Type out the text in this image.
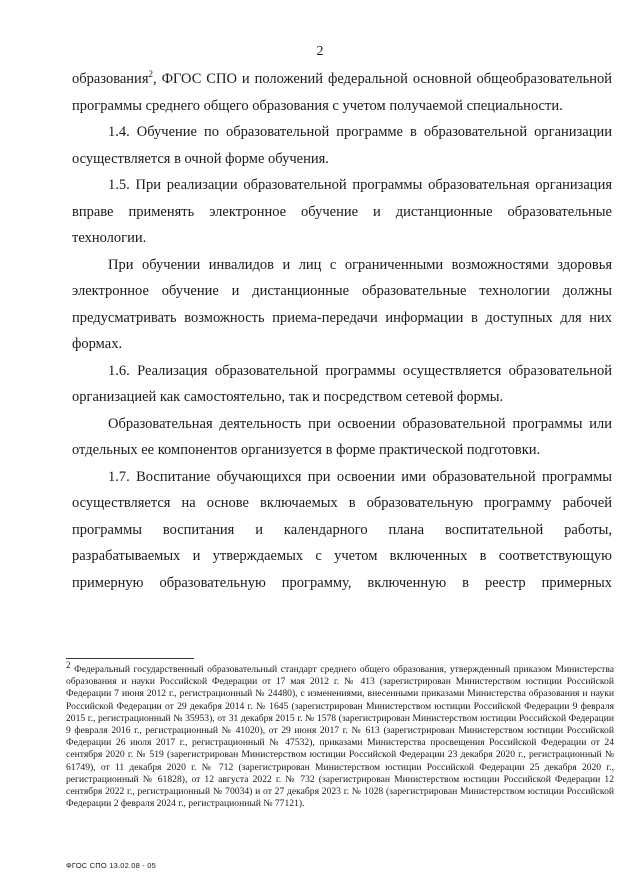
2

образования$^2$, ФГОС СПО и положений федеральной основной общеобразовательной программы среднего общего образования с учетом получаемой специальности.

1.4. Обучение по образовательной программе в образовательной организации осуществляется в очной форме обучения.

1.5. При реализации образовательной программы образовательная организация вправе применять электронное обучение и дистанционные образовательные технологии.

При обучении инвалидов и лиц с ограниченными возможностями здоровья электронное обучение и дистанционные образовательные технологии должны предусматривать возможность приема-передачи информации в доступных для них формах.

1.6. Реализация образовательной программы осуществляется образовательной организацией как самостоятельно, так и посредством сетевой формы.

Образовательная деятельность при освоении образовательной программы или отдельных ее компонентов организуется в форме практической подготовки.

1.7. Воспитание обучающихся при освоении ими образовательной программы осуществляется на основе включаемых в образовательную программу рабочей программы воспитания и календарного плана воспитательной работы, разрабатываемых и утверждаемых с учетом включенных в соответствующую примерную образовательную программу, включенную в реестр примерных

$^2$ Федеральный государственный образовательный стандарт среднего общего образования, утвержденный приказом Министерства образования и науки Российской Федерации от 17 мая 2012 г. № 413 (зарегистрирован Министерством юстиции Российской Федерации 7 июня 2012 г., регистрационный № 24480), с изменениями, внесенными приказами Министерства образования и науки Российской Федерации от 29 декабря 2014 г. № 1645 (зарегистрирован Министерством юстиции Российской Федерации 9 февраля 2015 г., регистрационный № 35953), от 31 декабря 2015 г. № 1578 (зарегистрирован Министерством юстиции Российской Федерации 9 февраля 2016 г., регистрационный № 41020), от 29 июня 2017 г. № 613 (зарегистрирован Министерством юстиции Российской Федерации 26 июля 2017 г., регистрационный № 47532), приказами Министерства просвещения Российской Федерации от 24 сентября 2020 г. № 519 (зарегистрирован Министерством юстиции Российской Федерации 23 декабря 2020 г., регистрационный № 61749), от 11 декабря 2020 г. № 712 (зарегистрирован Министерством юстиции Российской Федерации 25 декабря 2020 г., регистрационный № 61828), от 12 августа 2022 г. № 732 (зарегистрирован Министерством юстиции Российской Федерации 12 сентября 2022 г., регистрационный № 70034) и от 27 декабря 2023 г. № 1028 (зарегистрирован Министерством юстиции Российской Федерации 2 февраля 2024 г., регистрационный № 77121).

ФГОС СПО 13.02.08 - 05
